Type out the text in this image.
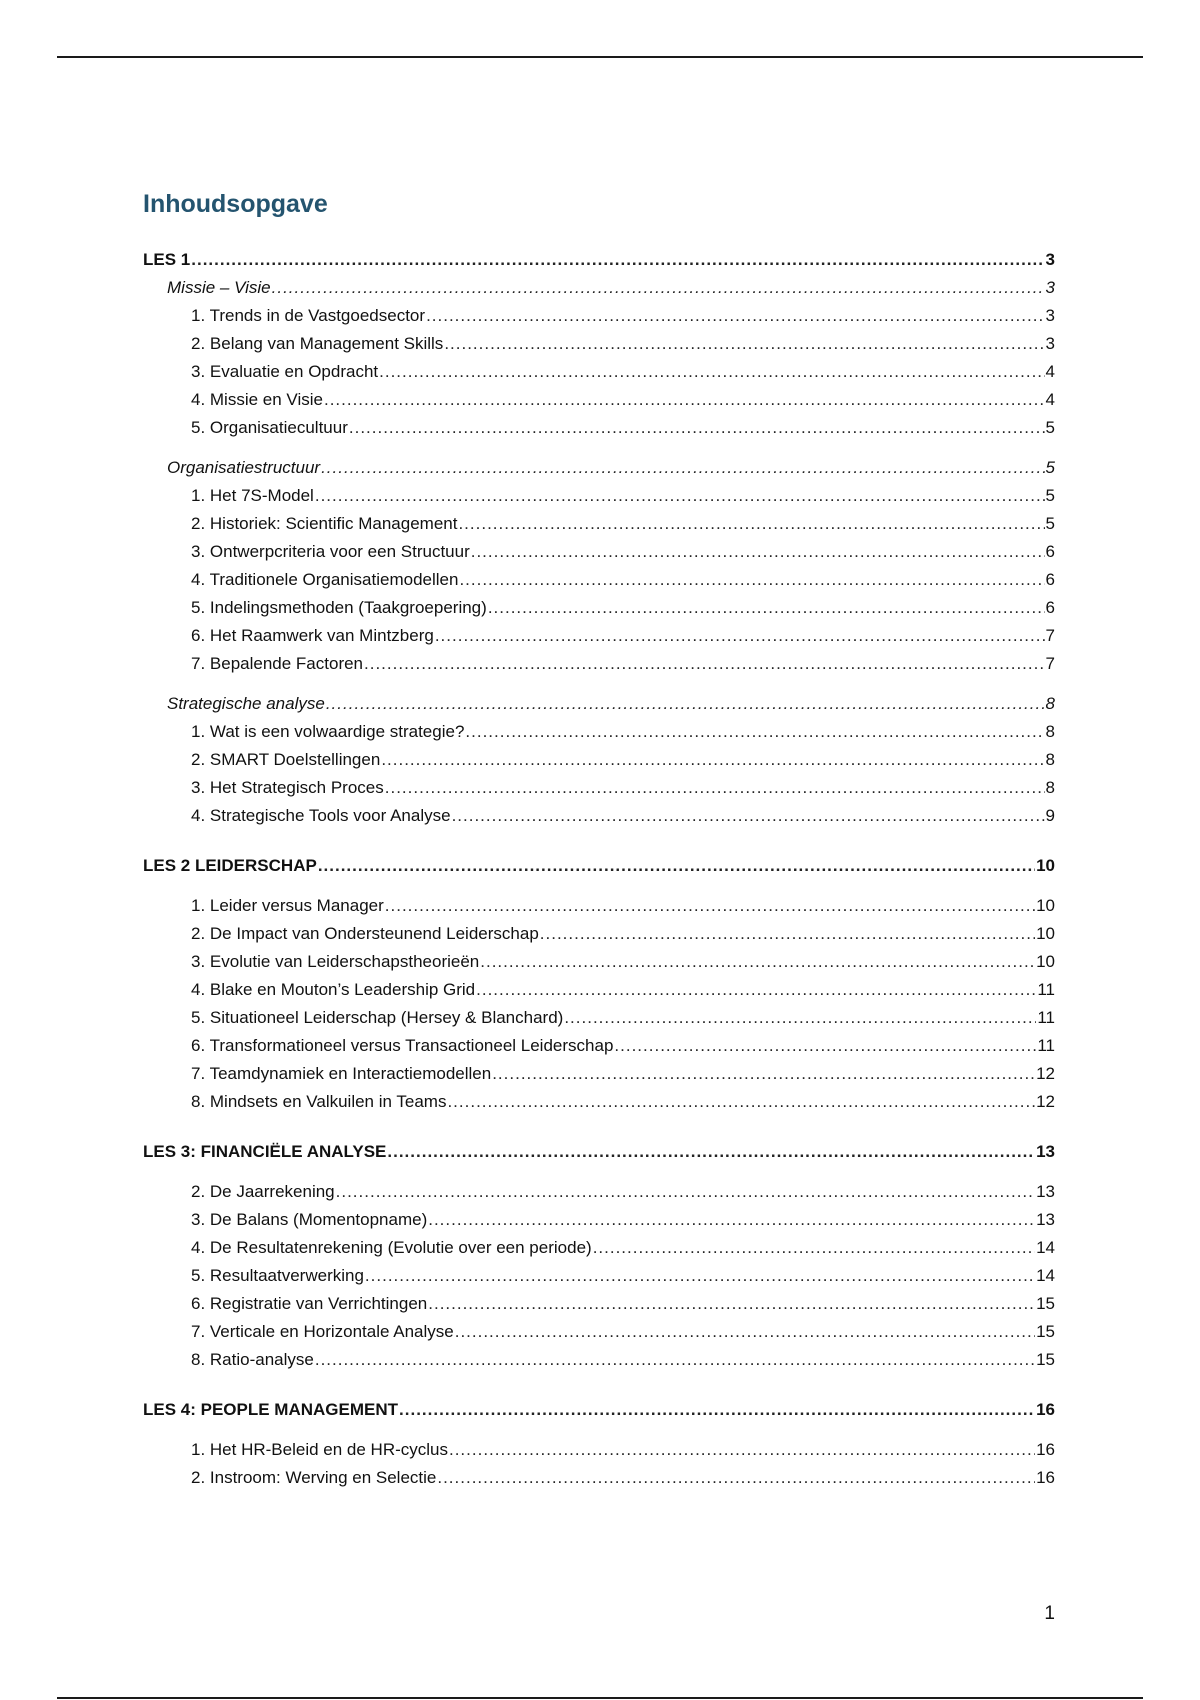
Inhoudsopgave
LES 1 .....	3
Missie – Visie .....	3
1. Trends in de Vastgoedsector .....	3
2. Belang van Management Skills .....	3
3. Evaluatie en Opdracht .....	4
4. Missie en Visie .....	4
5. Organisatiecultuur .....	5
Organisatiestructuur .....	5
1. Het 7S-Model .....	5
2. Historiek: Scientific Management .....	5
3. Ontwerpcriteria voor een Structuur .....	6
4. Traditionele Organisatiemodellen .....	6
5. Indelingsmethoden (Taakgroepering) .....	6
6. Het Raamwerk van Mintzberg .....	7
7. Bepalende Factoren .....	7
Strategische analyse .....	8
1. Wat is een volwaardige strategie? .....	8
2. SMART Doelstellingen .....	8
3. Het Strategisch Proces .....	8
4. Strategische Tools voor Analyse .....	9
LES 2 LEIDERSCHAP .....	10
1. Leider versus Manager .....	10
2. De Impact van Ondersteunend Leiderschap .....	10
3. Evolutie van Leiderschapstheorieën .....	10
4. Blake en Mouton’s Leadership Grid .....	11
5. Situationeel Leiderschap (Hersey & Blanchard) .....	11
6. Transformationeel versus Transactioneel Leiderschap .....	11
7. Teamdynamiek en Interactiemodellen .....	12
8. Mindsets en Valkuilen in Teams .....	12
LES 3: FINANCIËLE ANALYSE .....	13
2. De Jaarrekening .....	13
3. De Balans (Momentopname) .....	13
4. De Resultatenrekening (Evolutie over een periode) .....	14
5. Resultaatverwerking .....	14
6. Registratie van Verrichtingen .....	15
7. Verticale en Horizontale Analyse .....	15
8. Ratio-analyse .....	15
LES 4: PEOPLE MANAGEMENT .....	16
1. Het HR-Beleid en de HR-cyclus .....	16
2. Instroom: Werving en Selectie .....	16
1
